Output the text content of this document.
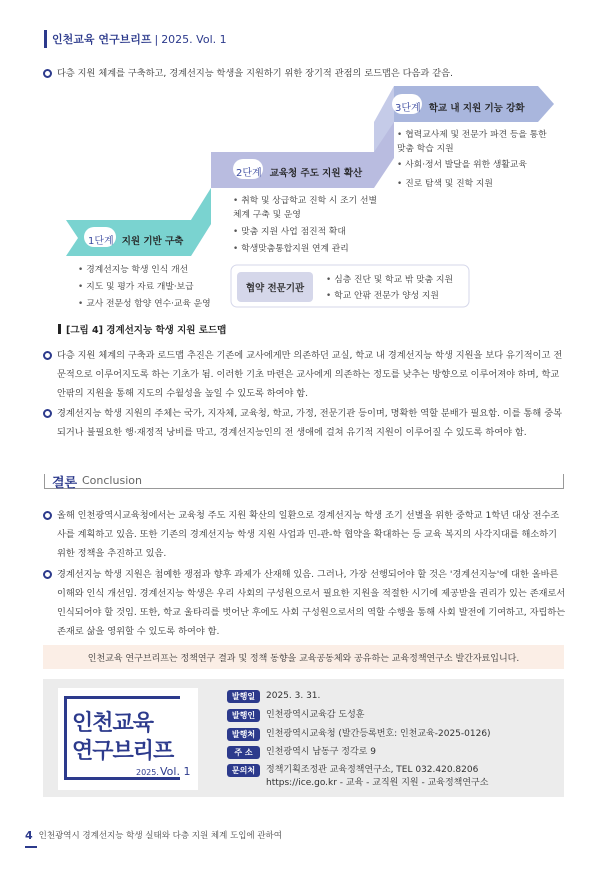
인천교육 연구브리프 | 2025. Vol. 1
다층 지원 체계를 구축하고, 경계선지능 학생을 지원하기 위한 장기적 관점의 로드맵은 다음과 같음.
1단계 지원 기반 구축
2단계 교육청 주도 지원 확산
3단계 학교 내 지원 기능 강화
• 경계선지능 학생 인식 개선
• 지도 및 평가 자료 개발·보급
• 교사 전문성 함양 연수·교육 운영
• 취학 및 상급학교 진학 시 조기 선별 체계 구축 및 운영
• 맞춤 지원 사업 점진적 확대
• 학생맞춤통합지원 연계 관리
• 협력교사제 및 전문가 파견 등을 통한 맞춤 학습 지원
• 사회·정서 발달을 위한 생활교육
• 진로 탐색 및 진학 지원
협약 전문기관
• 심층 진단 및 학교 밖 맞춤 지원
• 학교 안팎 전문가 양성 지원
[그림 4] 경계선지능 학생 지원 로드맵
다층 지원 체계의 구축과 로드맵 추진은 기존에 교사에게만 의존하던 교실, 학교 내 경계선지능 학생 지원을 보다 유기적이고 전문적으로 이루어지도록 하는 기초가 됨. 이러한 기초 마련은 교사에게 의존하는 정도를 낮추는 방향으로 이루어져야 하며, 학교 안팎의 지원을 통해 지도의 수월성을 높일 수 있도록 하여야 함.
경계선지능 학생 지원의 주체는 국가, 지자체, 교육청, 학교, 가정, 전문기관 등이며, 명확한 역할 분배가 필요함. 이를 통해 중복되거나 불필요한 행·재정적 낭비를 막고, 경계선지능인의 전 생애에 걸쳐 유기적 지원이 이루어질 수 있도록 하여야 함.
결론 Conclusion
올해 인천광역시교육청에서는 교육청 주도 지원 확산의 일환으로 경계선지능 학생 조기 선별을 위한 중학교 1학년 대상 전수조사를 계획하고 있음. 또한 기존의 경계선지능 학생 지원 사업과 민-관-학 협약을 확대하는 등 교육 복지의 사각지대를 해소하기 위한 정책을 추진하고 있음.
경계선지능 학생 지원은 첨예한 쟁점과 향후 과제가 산재해 있음. 그러나, 가장 선행되어야 할 것은 '경계선지능'에 대한 올바른 이해와 인식 개선임. 경계선지능 학생은 우리 사회의 구성원으로서 필요한 지원을 적절한 시기에 제공받을 권리가 있는 존재로서 인식되어야 할 것임. 또한, 학교 울타리를 벗어난 후에도 사회 구성원으로서의 역할 수행을 통해 사회 발전에 기여하고, 자립하는 존재로 삶을 영위할 수 있도록 하여야 함.
인천교육 연구브리프는 정책연구 결과 및 정책 동향을 교육공동체와 공유하는 교육정책연구소 발간자료입니다.
인천교육
연구브리프
2025. Vol. 1
발행일	2025. 3. 31.
발행인	인천광역시교육감 도성훈
발행처	인천광역시교육청 (발간등록번호: 인천교육-2025-0126)
주 소	인천광역시 남동구 정각로 9
문의처	정책기획조정관 교육정책연구소, TEL 032.420.8206
https://ice.go.kr - 교육 - 교직원 지원 - 교육정책연구소
4 인천광역시 경계선지능 학생 실태와 다층 지원 체계 도입에 관하여
